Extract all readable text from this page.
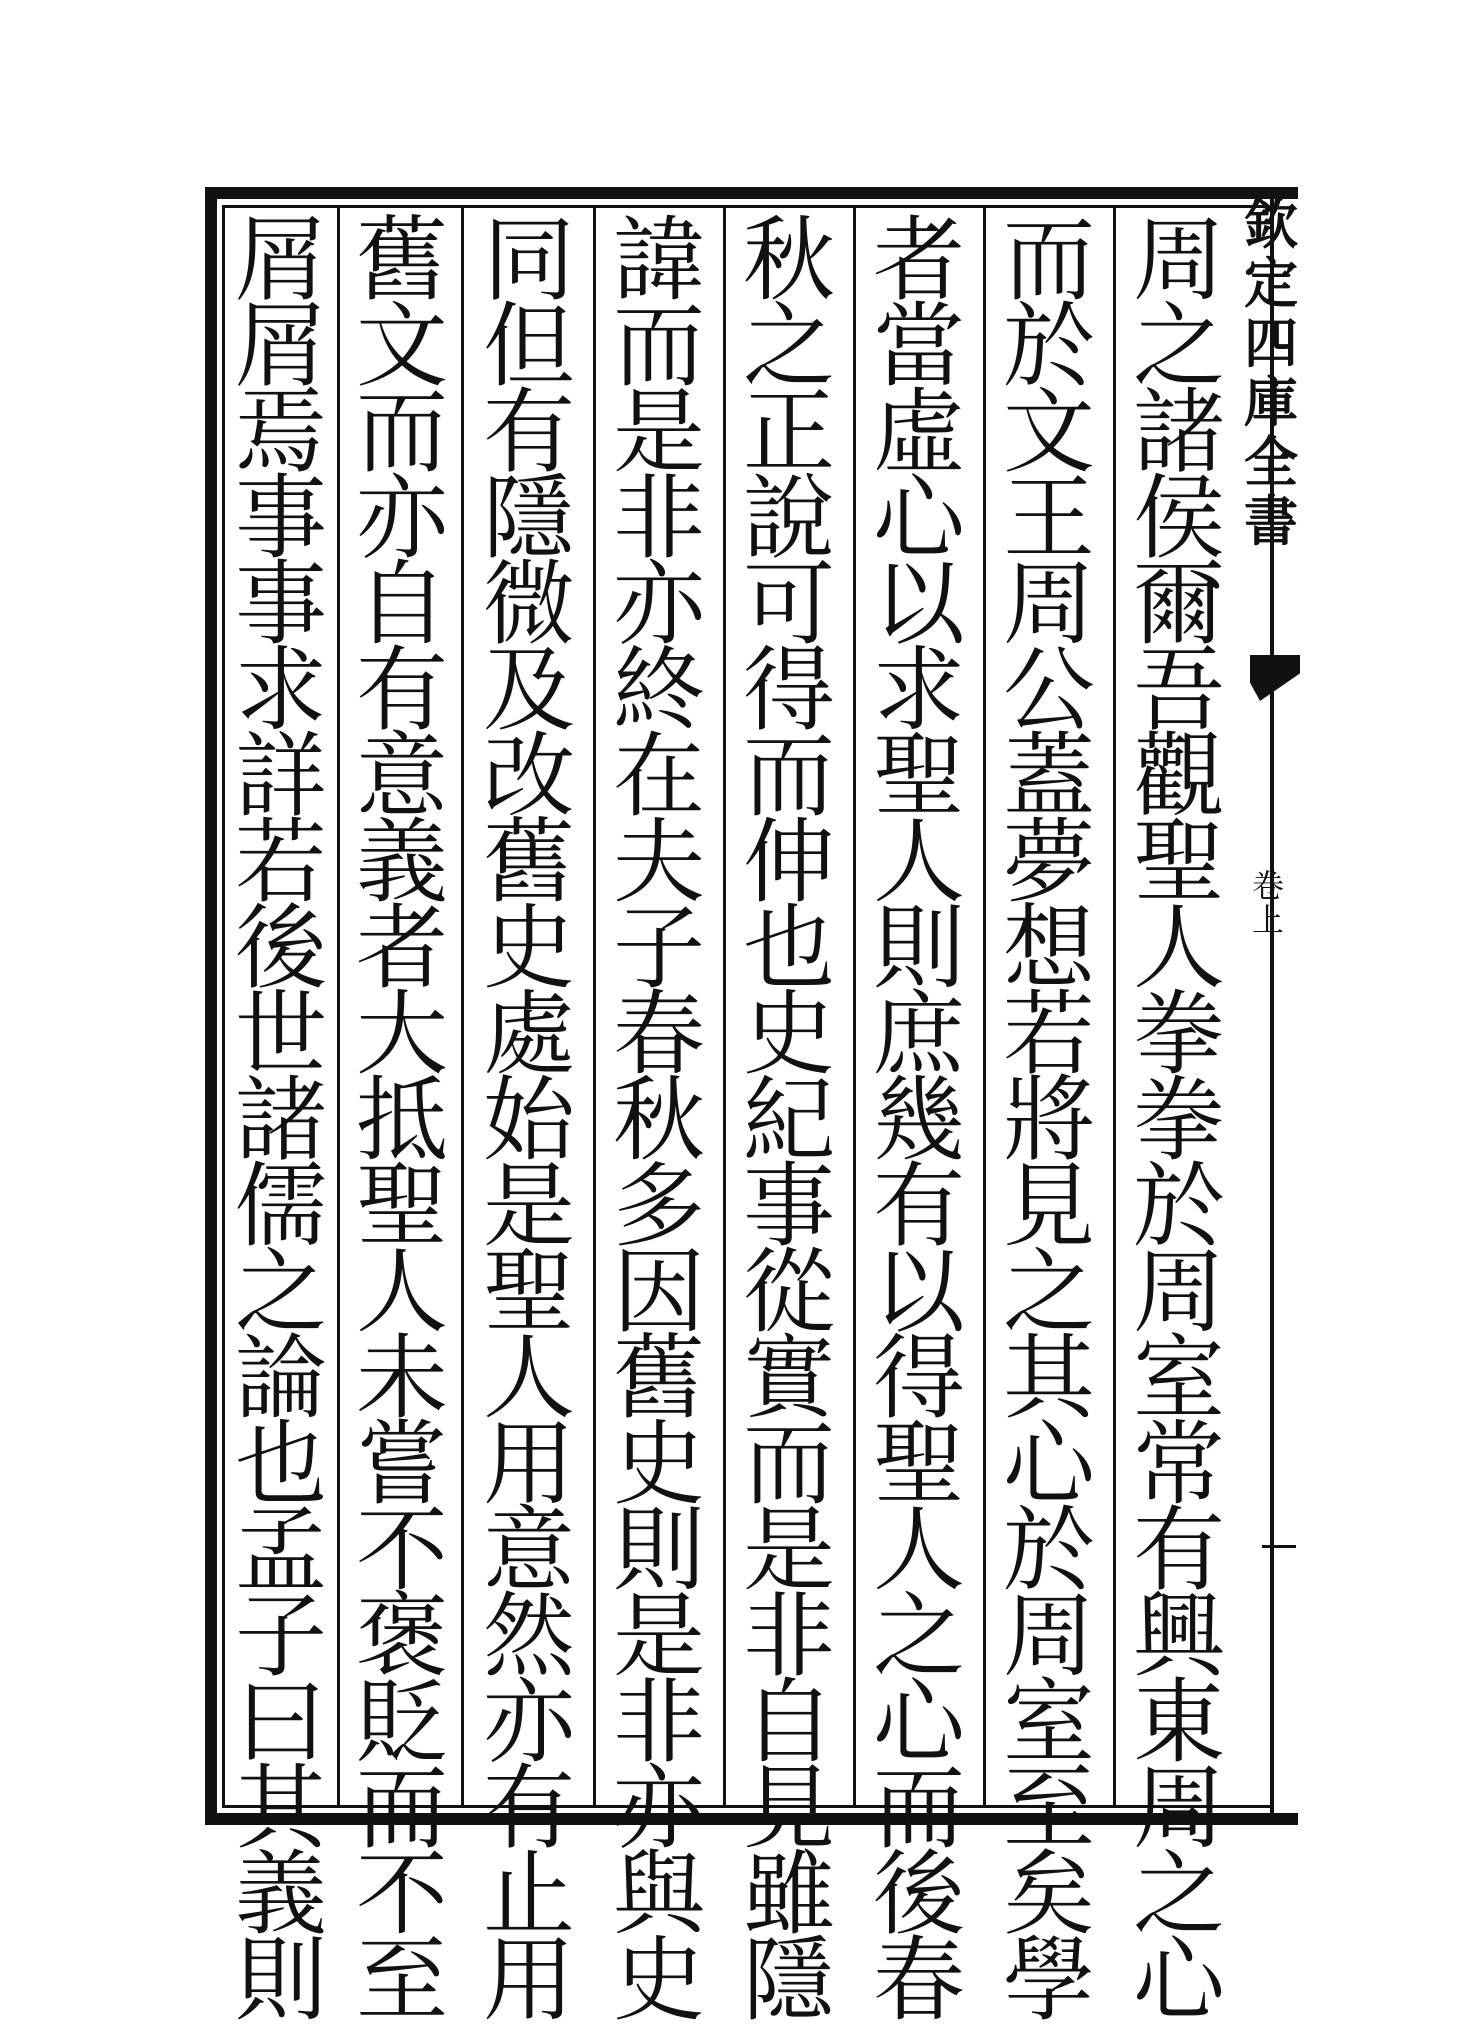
周
之
諸
侯
爾
吾
觀
聖
人
拳
拳
於
周
室
常
有
興
東
周
之
心
而
於
文
王
周
公
蓋
夢
想
若
將
見
之
其
心
於
周
室
至
矣
學
者
當
虛
心
以
求
聖
人
則
庶
幾
有
以
得
聖
人
之
心
而
後
春
秋
之
正
說
可
得
而
伸
也
史
紀
事
從
實
而
是
非
自
見
雖
隱
諱
而
是
非
亦
終
在
夫
子
春
秋
多
因
舊
史
則
是
非
亦
與
史
同
但
有
隱
微
及
改
舊
史
處
始
是
聖
人
用
意
然
亦
有
止
用
舊
文
而
亦
自
有
意
義
者
大
抵
聖
人
未
嘗
不
褒
貶
而
不
至
屑
屑
焉
事
事
求
詳
若
後
世
諸
儒
之
論
也
孟
子
曰
其
義
則
欽
定
四
庫
全
書
卷
上
